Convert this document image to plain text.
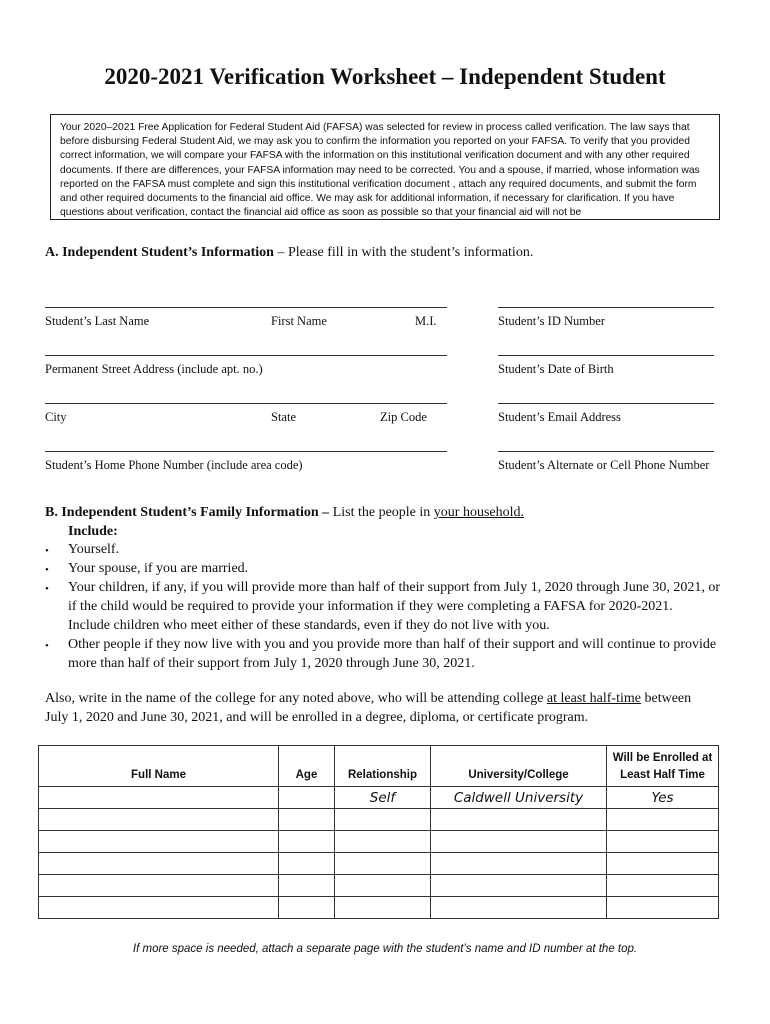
2020-2021 Verification Worksheet – Independent Student

Your 2020–2021 Free Application for Federal Student Aid (FAFSA) was selected for review in process called verification. The law says that before disbursing Federal Student Aid, we may ask you to confirm the information you reported on your FAFSA. To verify that you provided correct information, we will compare your FAFSA with the information on this institutional verification document and with any other required documents. If there are differences, your FAFSA information may need to be corrected. You and a spouse, if married, whose information was reported on the FAFSA must complete and sign this institutional verification document , attach any required documents, and submit the form and other required documents to the financial aid office. We may ask for additional information, if necessary for clarification. If you have questions about verification, contact the financial aid office as soon as possible so that your financial aid will not be

A. Independent Student’s Information – Please fill in with the student’s information.
Student’s Last Name	First Name	M.I.	Student’s ID Number
Permanent Street Address (include apt. no.)	Student’s Date of Birth
City	State	Zip Code	Student’s Email Address
Student’s Home Phone Number (include area code)	Student’s Alternate or Cell Phone Number
B. Independent Student’s Family Information – List the people in your household.
Include:
• Yourself.
• Your spouse, if you are married.
• Your children, if any, if you will provide more than half of their support from July 1, 2020 through June 30, 2021, or
if the child would be required to provide your information if they were completing a FAFSA for 2020-2021.
Include children who meet either of these standards, even if they do not live with you.
• Other people if they now live with you and you provide more than half of their support and will continue to provide
more than half of their support from July 1, 2020 through June 30, 2021.
Also, write in the name of the college for any noted above, who will be attending college at least half-time between
July 1, 2020 and June 30, 2021, and will be enrolled in a degree, diploma, or certificate program.
Full Name	Age	Relationship	University/College	Will be Enrolled at
Least Half Time
		Self	Caldwell University	Yes

If more space is needed, attach a separate page with the student’s name and ID number at the top.
